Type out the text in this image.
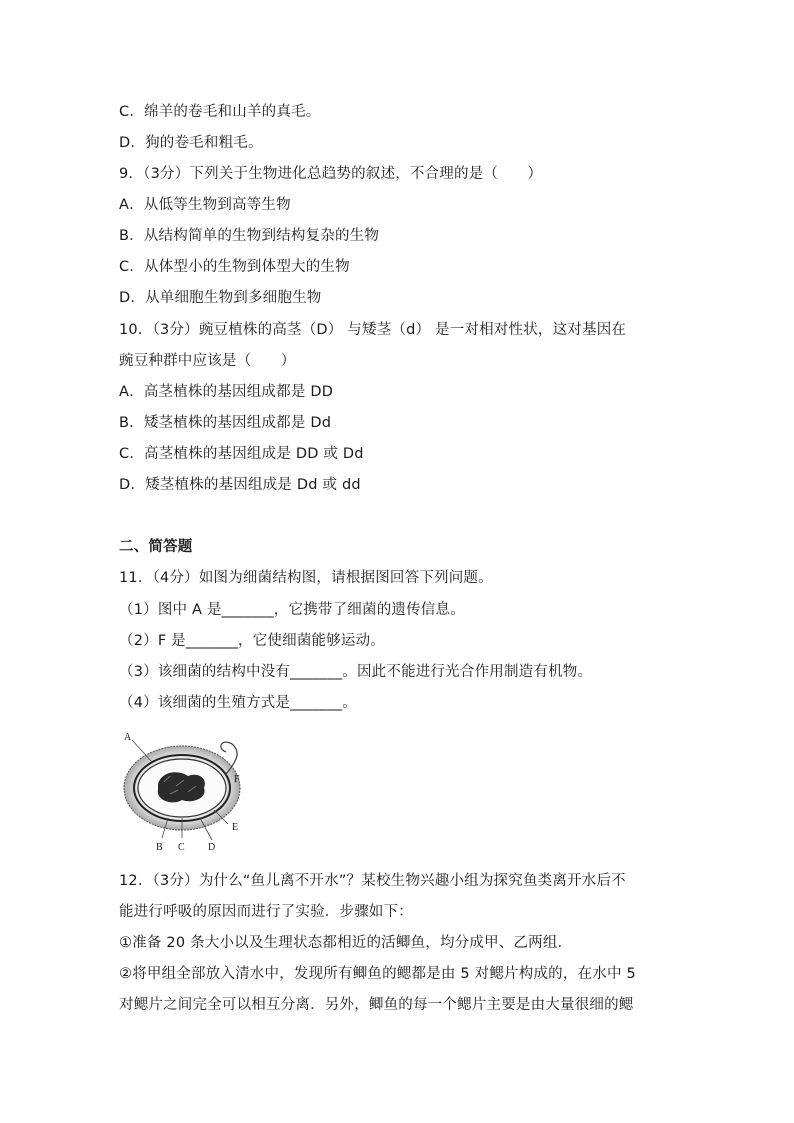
C．绵羊的卷毛和山羊的真毛。
D．狗的卷毛和粗毛。
9．（3分）下列关于生物进化总趋势的叙述，不合理的是（　　）
A．从低等生物到高等生物
B．从结构简单的生物到结构复杂的生物
C．从体型小的生物到体型大的生物
D．从单细胞生物到多细胞生物
10．（3分）豌豆植株的高茎（D） 与矮茎（d） 是一对相对性状，这对基因在
豌豆种群中应该是（　　）
A．高茎植株的基因组成都是 DD
B．矮茎植株的基因组成都是 Dd
C．高茎植株的基因组成是 DD 或 Dd
D．矮茎植株的基因组成是 Dd 或 dd
二、简答题
11．（4分）如图为细菌结构图，请根据图回答下列问题。
（1）图中 A 是_______，它携带了细菌的遗传信息。
（2）F 是_______，它使细菌能够运动。
（3）该细菌的结构中没有_______。因此不能进行光合作用制造有机物。
（4）该细菌的生殖方式是_______。
A
F
E
B C D
12．（3分）为什么“鱼儿离不开水”？某校生物兴趣小组为探究鱼类离开水后不
能进行呼吸的原因而进行了实验．步骤如下：
①准备 20 条大小以及生理状态都相近的活鲫鱼，均分成甲、乙两组．
②将甲组全部放入清水中，发现所有鲫鱼的鳃都是由 5 对鳃片构成的，在水中 5
对鳃片之间完全可以相互分离．另外，鲫鱼的每一个鳃片主要是由大量很细的鳃
